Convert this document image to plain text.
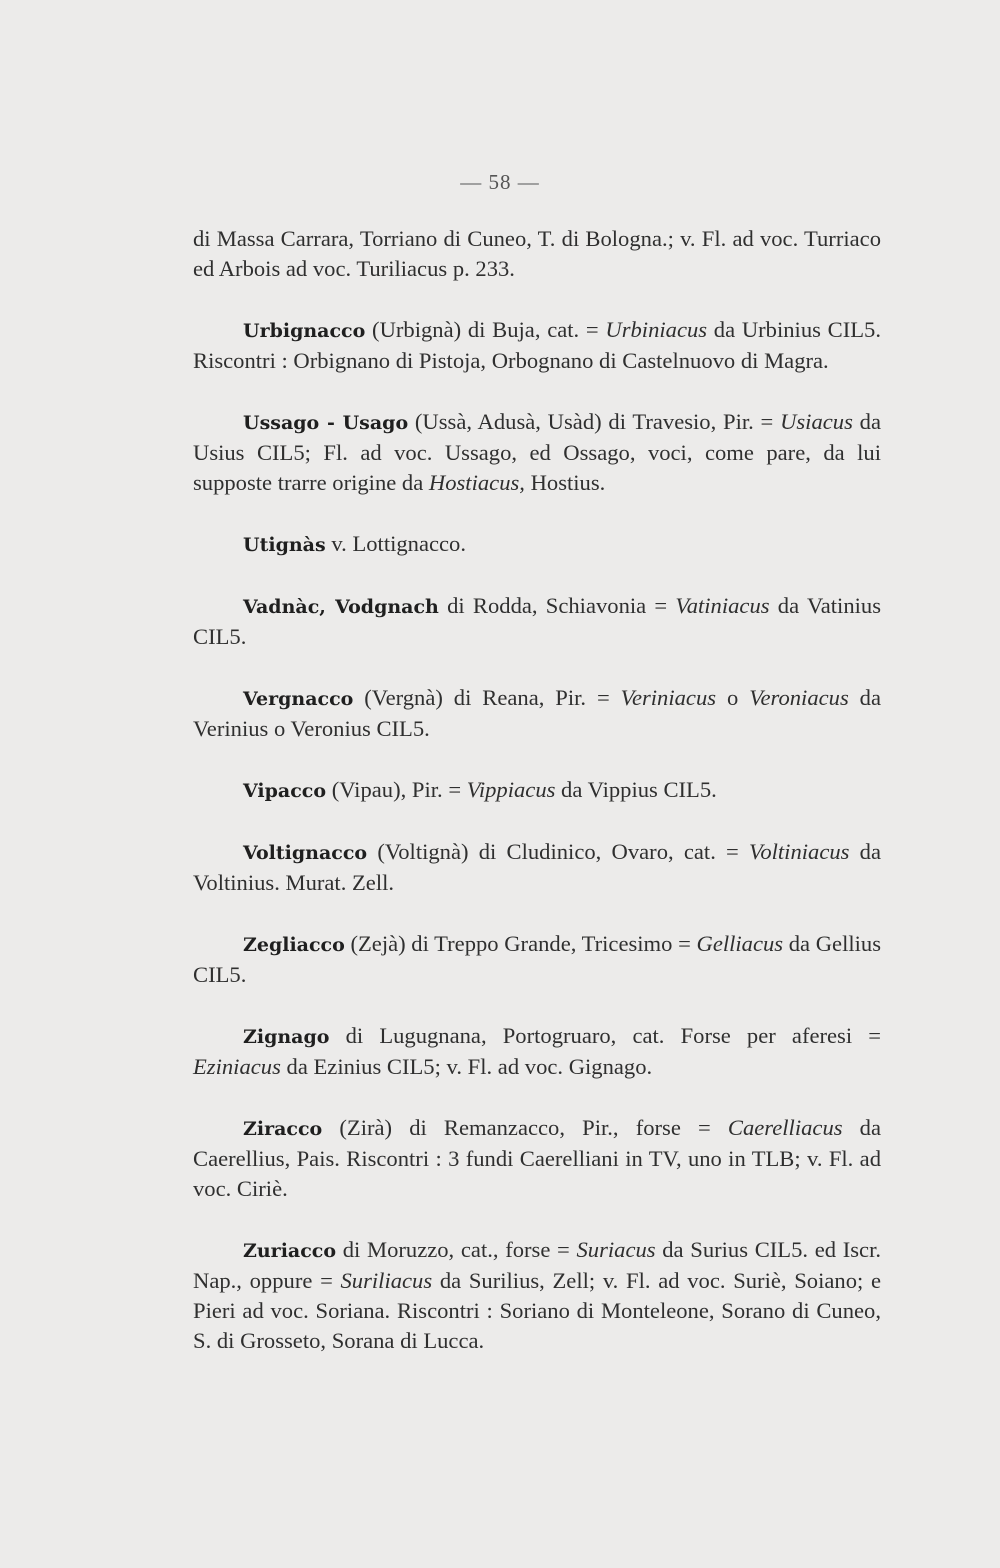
— 58 —

di Massa Carrara, Torriano di Cuneo, T. di Bologna.; v. Fl. ad voc. Turriaco ed Arbois ad voc. Turiliacus p. 233.

Urbignacco (Urbignà) di Buja, cat. = Urbiniacus da Urbinius CIL5. Riscontri : Orbignano di Pistoja, Orbognano di Castelnuovo di Magra.

Ussago - Usago (Ussà, Adusà, Usàd) di Travesio, Pir. = Usiacus da Usius CIL5; Fl. ad voc. Ussago, ed Ossago, voci, come pare, da lui supposte trarre origine da Hostiacus, Hostius.

Utignàs v. Lottignacco.

Vadnàc, Vodgnach di Rodda, Schiavonia = Vatiniacus da Vatinius CIL5.

Vergnacco (Vergnà) di Reana, Pir. = Veriniacus o Veroniacus da Verinius o Veronius CIL5.

Vipacco (Vipau), Pir. = Vippiacus da Vippius CIL5.

Voltignacco (Voltignà) di Cludinico, Ovaro, cat. = Voltiniacus da Voltinius. Murat. Zell.

Zegliacco (Zejà) di Treppo Grande, Tricesimo = Gelliacus da Gellius CIL5.

Zignago di Lugugnana, Portogruaro, cat. Forse per aferesi = Eziniacus da Ezinius CIL5; v. Fl. ad voc. Gignago.

Ziracco (Zirà) di Remanzacco, Pir., forse = Caerelliacus da Caerellius, Pais. Riscontri : 3 fundi Caerelliani in TV, uno in TLB; v. Fl. ad voc. Ciriè.

Zuriacco di Moruzzo, cat., forse = Suriacus da Surius CIL5. ed Iscr. Nap., oppure = Suriliacus da Surilius, Zell; v. Fl. ad voc. Suriè, Soiano; e Pieri ad voc. Soriana. Riscontri : Soriano di Monteleone, Sorano di Cuneo, S. di Grosseto, Sorana di Lucca.
